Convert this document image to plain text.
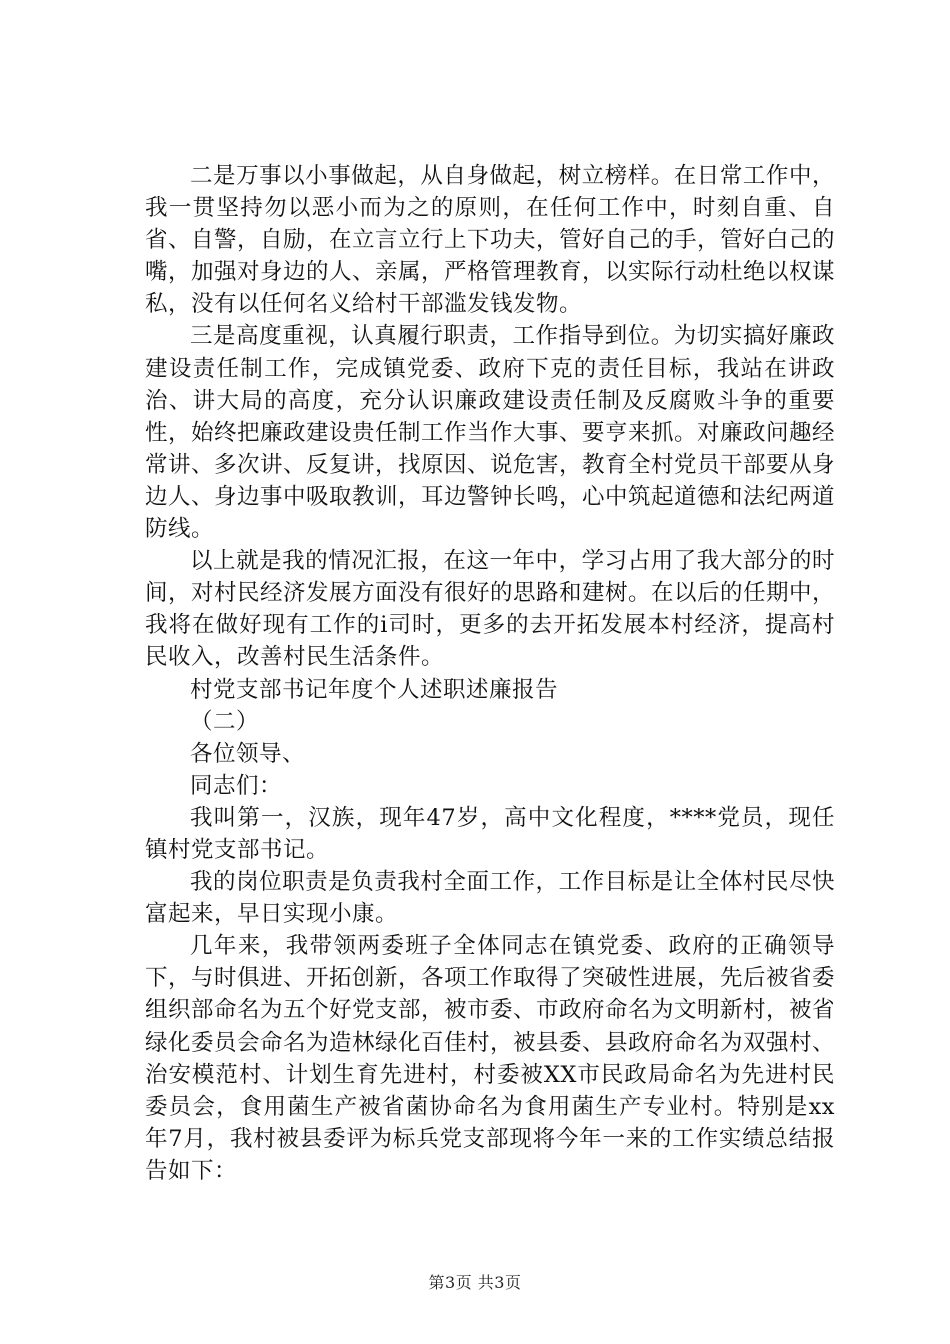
二是万事以小事做起，从自身做起，树立榜样。在日常工作中，我一贯坚持勿以恶小而为之的原则，在任何工作中，时刻自重、自省、自警，自励，在立言立行上下功夫，管好自己的手，管好白己的嘴，加强对身边的人、亲属，严格管理教育，以实际行动杜绝以权谋私，没有以任何名义给村干部滥发钱发物。

三是高度重视，认真履行职责，工作指导到位。为切实搞好廉政建设责任制工作，完成镇党委、政府下克的责任目标，我站在讲政治、讲大局的高度，充分认识廉政建设责任制及反腐败斗争的重要性，始终把廉政建设贵任制工作当作大事、要亨来抓。对廉政问趣经常讲、多次讲、反复讲，找原因、说危害，教育全村党员干部要从身边人、身边事中吸取教训，耳边警钟长鸣，心中筑起道德和法纪两道防线。

以上就是我的情况汇报，在这一年中，学习占用了我大部分的时间，对村民经济发展方面没有很好的思路和建树。在以后的任期中，我将在做好现有工作的i司时，更多的去开拓发展本村经济，提高村民收入，改善村民生活条件。

村党支部书记年度个人述职述廉报告

（二）

各位领导、

同志们：

我叫第一，汉族，现年47岁，高中文化程度，****党员，现任镇村党支部书记。

我的岗位职责是负责我村全面工作，工作目标是让全体村民尽快富起来，早日实现小康。

几年来，我带领两委班子全体同志在镇党委、政府的正确领导下，与时俱进、开拓创新，各项工作取得了突破性进展，先后被省委组织部命名为五个好党支部，被市委、市政府命名为文明新村，被省绿化委员会命名为造林绿化百佳村，被县委、县政府命名为双强村、治安模范村、计划生育先进村，村委被XX市民政局命名为先进村民委员会，食用菌生产被省菌协命名为食用菌生产专业村。特别是xx年7月，我村被县委评为标兵党支部现将今年一来的工作实绩总结报告如下：

第3页 共3页
